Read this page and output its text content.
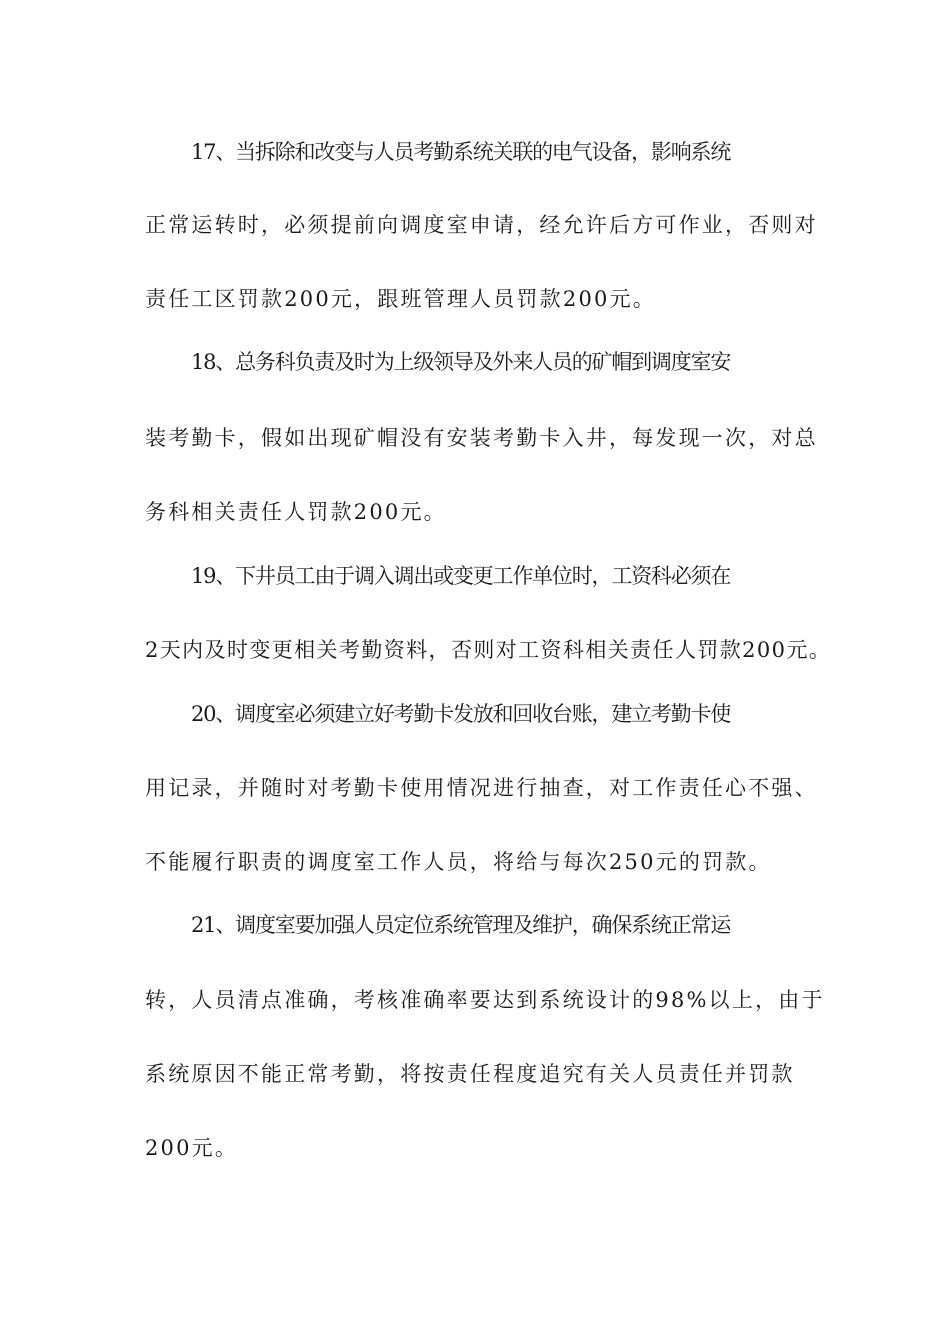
17、当拆除和改变与人员考勤系统关联的电气设备，影响系统
正常运转时，必须提前向调度室申请，经允许后方可作业，否则对
责任工区罚款200元，跟班管理人员罚款200元。
18、总务科负责及时为上级领导及外来人员的矿帽到调度室安
装考勤卡，假如出现矿帽没有安装考勤卡入井，每发现一次，对总
务科相关责任人罚款200元。
19、下井员工由于调入调出或变更工作单位时，工资科必须在
2天内及时变更相关考勤资料，否则对工资科相关责任人罚款200元。
20、调度室必须建立好考勤卡发放和回收台账，建立考勤卡使
用记录，并随时对考勤卡使用情况进行抽查，对工作责任心不强、
不能履行职责的调度室工作人员，将给与每次250元的罚款。
21、调度室要加强人员定位系统管理及维护，确保系统正常运
转，人员清点准确，考核准确率要达到系统设计的98%以上，由于
系统原因不能正常考勤，将按责任程度追究有关人员责任并罚款
200元。
